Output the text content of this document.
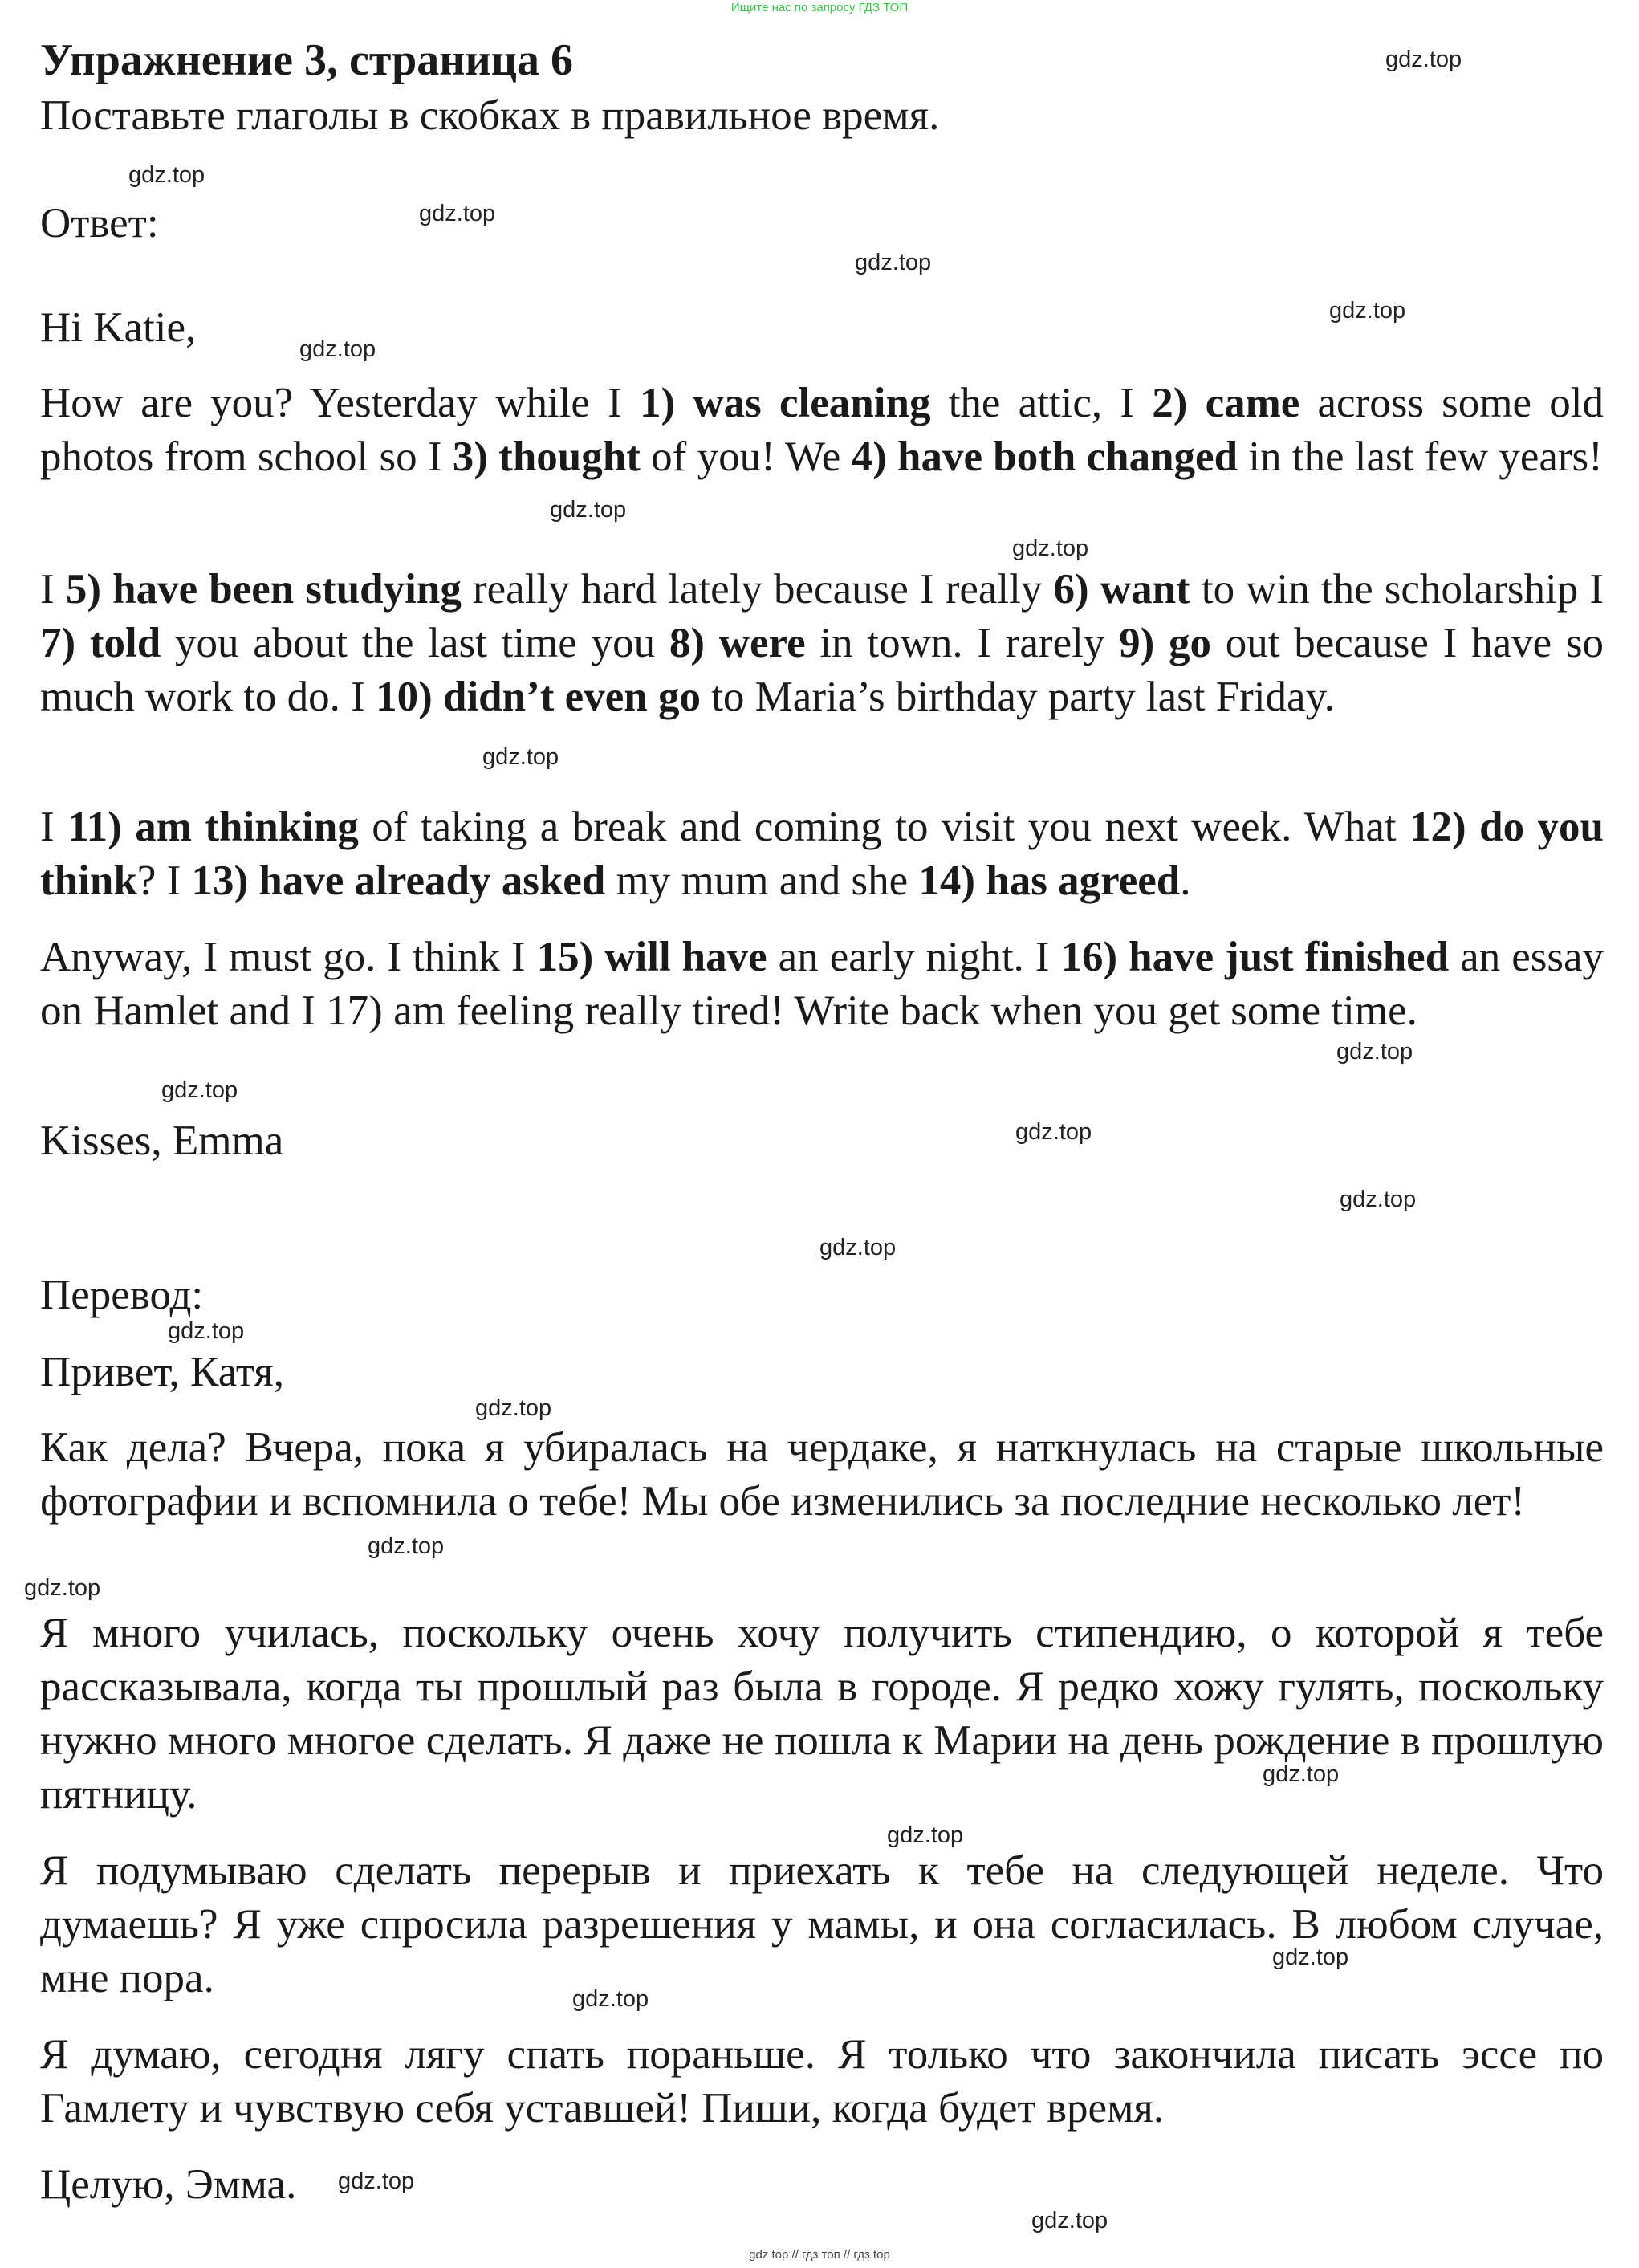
Ищите нас по запросу ГДЗ ТОП
Упражнение 3, страница 6

Поставьте глаголы в скобках в правильное время.

Ответ:

Hi Katie,

How are you? Yesterday while I 1) was cleaning the attic, I 2) came across some old photos from school so I 3) thought of you! We 4) have both changed in the last few years!

I 5) have been studying really hard lately because I really 6) want to win the scholarship I 7) told you about the last time you 8) were in town. I rarely 9) go out because I have so much work to do. I 10) didn’t even go to Maria’s birthday party last Friday.

I 11) am thinking of taking a break and coming to visit you next week. What 12) do you think? I 13) have already asked my mum and she 14) has agreed.

Anyway, I must go. I think I 15) will have an early night. I 16) have just finished an essay on Hamlet and I 17) am feeling really tired! Write back when you get some time.

Kisses, Emma

Перевод:

Привет, Катя,

Как дела? Вчера, пока я убиралась на чердаке, я наткнулась на старые школьные фотографии и вспомнила о тебе! Мы обе изменились за последние несколько лет!

Я много училась, поскольку очень хочу получить стипендию, о которой я тебе рассказывала, когда ты прошлый раз была в городе. Я редко хожу гулять, поскольку нужно много многое сделать. Я даже не пошла к Марии на день рождение в прошлую пятницу.

Я подумываю сделать перерыв и приехать к тебе на следующей неделе. Что думаешь? Я уже спросила разрешения у мамы, и она согласилась. В любом случае, мне пора.

Я думаю, сегодня лягу спать пораньше. Я только что закончила писать эссе по Гамлету и чувствую себя уставшей! Пиши, когда будет время.

Целую, Эмма.

gdz.top
gdz.top
gdz.top
gdz.top
gdz.top
gdz.top
gdz.top
gdz.top
gdz.top
gdz.top
gdz.top
gdz.top
gdz.top
gdz.top
gdz.top
gdz.top
gdz.top
gdz.top
gdz.top
gdz.top
gdz.top
gdz.top
gdz.top
gdz.top
gdz top // гдз топ // гдз top
